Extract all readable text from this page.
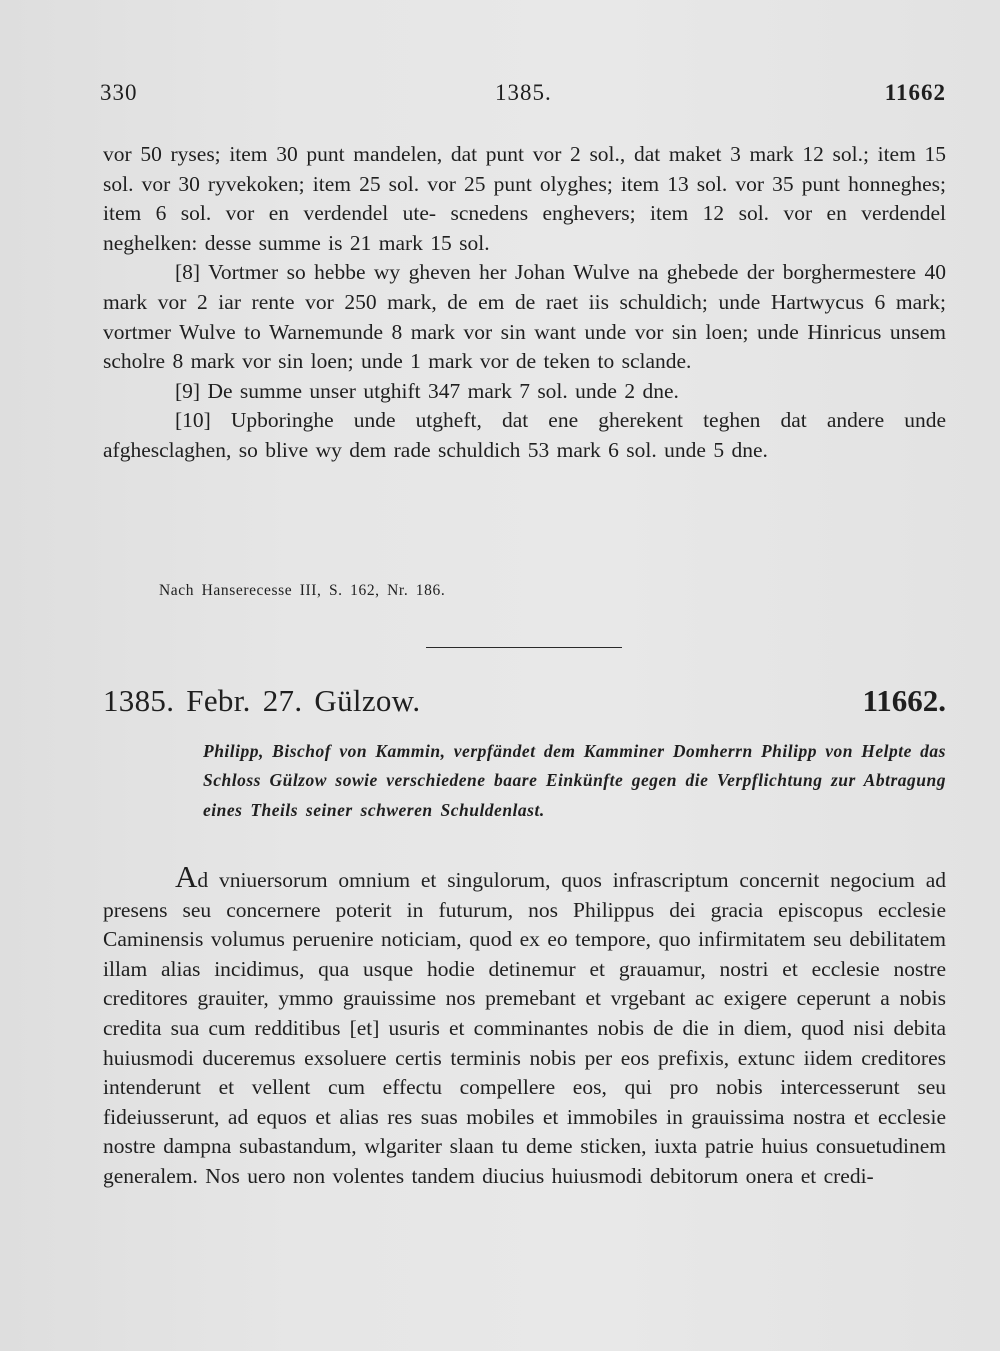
330	1385.	11662

vor 50 ryses; item 30 punt mandelen, dat punt vor 2 sol., dat maket 3 mark 12 sol.; item 15 sol. vor 30 ryvekoken; item 25 sol. vor 25 punt olyghes; item 13 sol. vor 35 punt honneghes; item 6 sol. vor en verdendel ute- scnedens enghevers; item 12 sol. vor en verdendel neghelken: desse summe is 21 mark 15 sol.

[8] Vortmer so hebbe wy gheven her Johan Wulve na ghebede der borghermestere 40 mark vor 2 iar rente vor 250 mark, de em de raet iis schuldich; unde Hartwycus 6 mark; vortmer Wulve to Warnemunde 8 mark vor sin want unde vor sin loen; unde Hinricus unsem scholre 8 mark vor sin loen; unde 1 mark vor de teken to sclande.

[9] De summe unser utghift 347 mark 7 sol. unde 2 dne.

[10] Upboringhe unde utgheft, dat ene gherekent teghen dat andere unde afghesclaghen, so blive wy dem rade schuldich 53 mark 6 sol. unde 5 dne.

Nach Hanserecesse III, S. 162, Nr. 186.
1385. Febr. 27. Gülzow.	11662.

Philipp, Bischof von Kammin, verpfändet dem Kamminer Domherrn Philipp von Helpte das Schloss Gülzow sowie verschiedene baare Einkünfte gegen die Verpflichtung zur Abtragung eines Theils seiner schweren Schuldenlast.

Ad vniuersorum omnium et singulorum, quos infrascriptum concernit negocium ad presens seu concernere poterit in futurum, nos Philippus dei gracia episcopus ecclesie Caminensis volumus peruenire noticiam, quod ex eo tempore, quo infirmitatem seu debilitatem illam alias incidimus, qua usque hodie detinemur et grauamur, nostri et ecclesie nostre creditores grauiter, ymmo grauissime nos premebant et vrgebant ac exigere ceperunt a nobis credita sua cum redditibus [et] usuris et comminantes nobis de die in diem, quod nisi debita huiusmodi duceremus exsoluere certis terminis nobis per eos prefixis, extunc iidem creditores intenderunt et vellent cum effectu compellere eos, qui pro nobis intercesserunt seu fideiusserunt, ad equos et alias res suas mobiles et immobiles in grauissima nostra et ecclesie nostre dampna subastandum, wlgariter slaan tu deme sticken, iuxta patrie huius consuetudinem generalem. Nos uero non volentes tandem diucius huiusmodi debitorum onera et credi-
